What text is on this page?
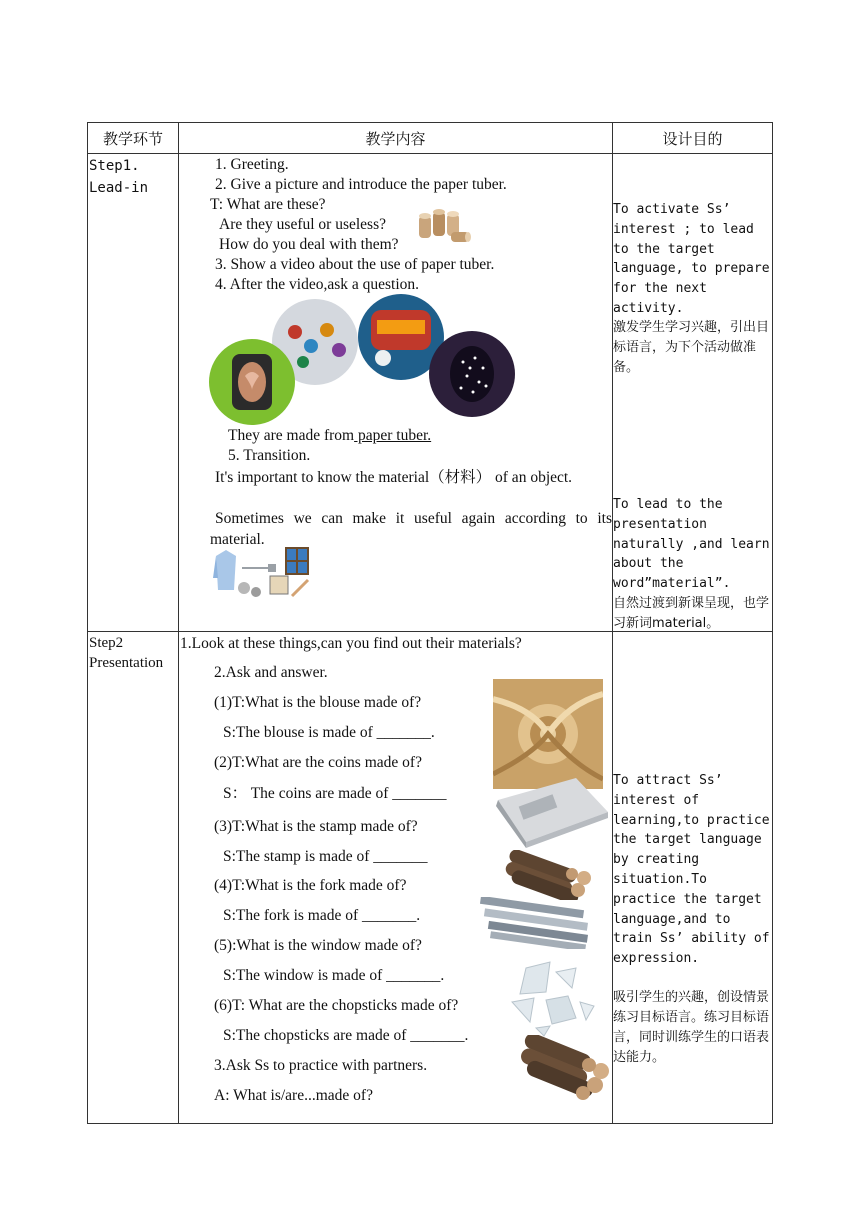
教学环节	教学内容	设计目的
Step1.
Lead-in
1. Greeting.
2. Give a picture and introduce the paper tuber.
T: What are these?
Are they useful or useless?
How do you deal with them?
3. Show a video about the use of paper tuber.
4. After the video,ask a question.
They are made from paper tuber.
5. Transition.
It's important to know the material（材料） of an object.
Sometimes we can make it useful again according to its material.
To activate Ss’ interest ; to lead to the target language, to prepare for the next activity.
激发学生学习兴趣，引出目标语言，为下个活动做准备。
To lead to the presentation naturally ,and learn about the word”material”.
自然过渡到新课呈现，也学习新词material。
Step2
Presentation
1.Look at these things,can you find out their materials?
2.Ask and answer.
(1)T:What is the blouse made of?
S:The blouse is made of _______.
(2)T:What are the coins made of?
S： The coins are made of _______
(3)T:What is the stamp made of?
S:The stamp is made of _______
(4)T:What is the fork made of?
S:The fork is made of _______.
(5):What is the window made of?
S:The window is made of _______.
(6)T: What are the chopsticks made of?
S:The chopsticks are made of _______.
3.Ask Ss to practice with partners.
A: What is/are...made of?
To attract Ss’ interest of learning,to practice the target language by creating situation.To practice the target language,and to train Ss’ ability of expression.
吸引学生的兴趣，创设情景练习目标语言。练习目标语言，同时训练学生的口语表达能力。
